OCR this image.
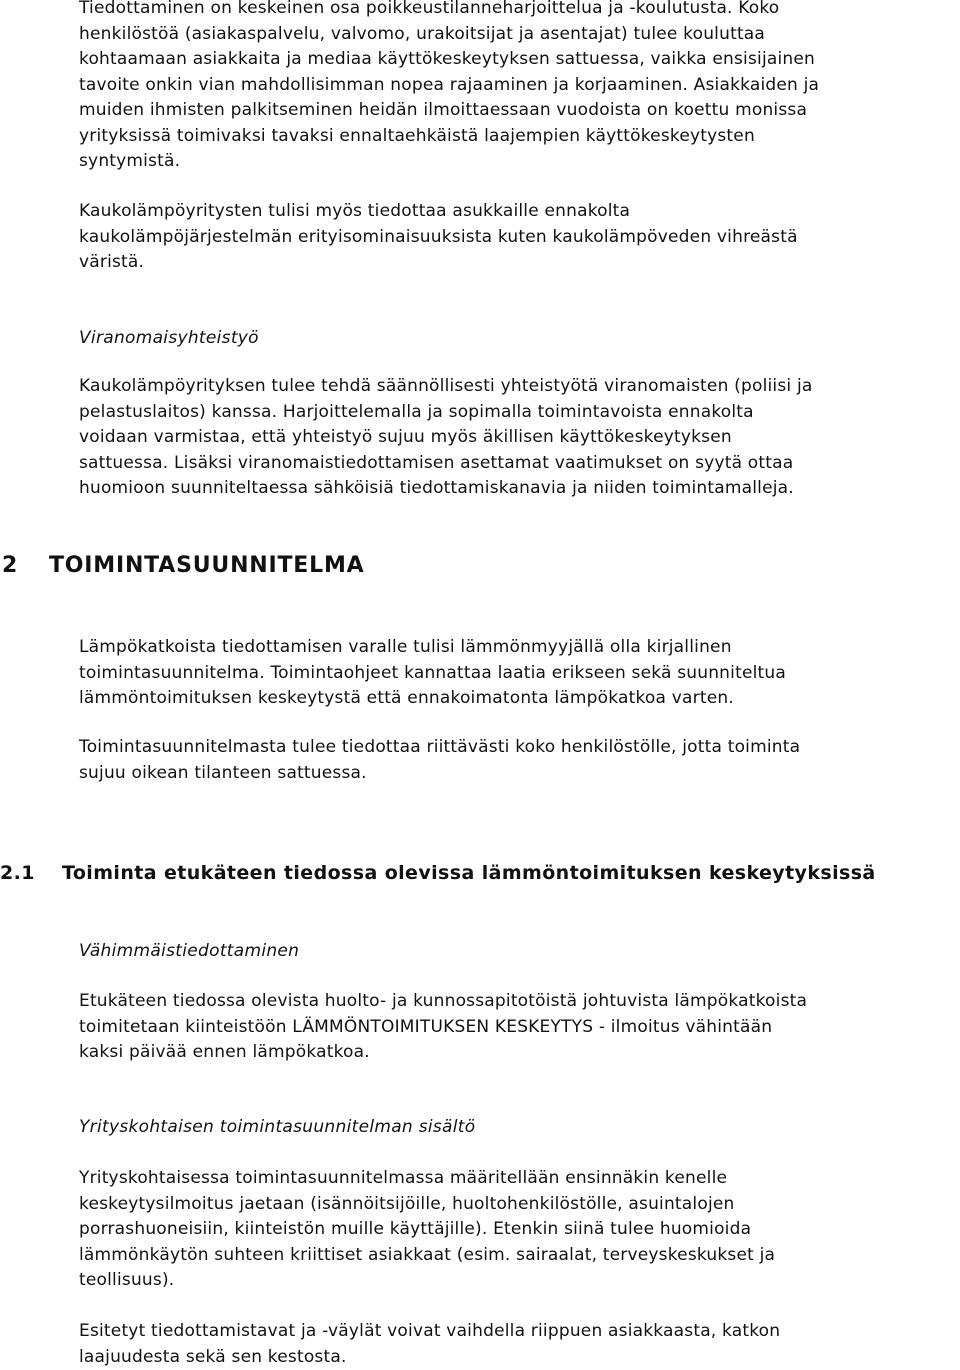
Tiedottaminen on keskeinen osa poikkeustilanneharjoittelua ja -koulutusta. Koko
henkilöstöä (asiakaspalvelu, valvomo, urakoitsijat ja asentajat) tulee kouluttaa
kohtaamaan asiakkaita ja mediaa käyttökeskeytyksen sattuessa, vaikka ensisijainen
tavoite onkin vian mahdollisimman nopea rajaaminen ja korjaaminen. Asiakkaiden ja
muiden ihmisten palkitseminen heidän ilmoittaessaan vuodoista on koettu monissa
yrityksissä toimivaksi tavaksi ennaltaehkäistä laajempien käyttökeskeytysten
syntymistä.
Kaukolämpöyritysten tulisi myös tiedottaa asukkaille ennakolta
kaukolämpöjärjestelmän erityisominaisuuksista kuten kaukolämpöveden vihreästä
väristä.
Viranomaisyhteistyö
Kaukolämpöyrityksen tulee tehdä säännöllisesti yhteistyötä viranomaisten (poliisi ja
pelastuslaitos) kanssa. Harjoittelemalla ja sopimalla toimintavoista ennakolta
voidaan varmistaa, että yhteistyö sujuu myös äkillisen käyttökeskeytyksen
sattuessa. Lisäksi viranomaistiedottamisen asettamat vaatimukset on syytä ottaa
huomioon suunniteltaessa sähköisiä tiedottamiskanavia ja niiden toimintamalleja.
2 TOIMINTASUUNNITELMA
Lämpökatkoista tiedottamisen varalle tulisi lämmönmyyjällä olla kirjallinen
toimintasuunnitelma. Toimintaohjeet kannattaa laatia erikseen sekä suunniteltua
lämmöntoimituksen keskeytystä että ennakoimatonta lämpökatkoa varten.
Toimintasuunnitelmasta tulee tiedottaa riittävästi koko henkilöstölle, jotta toiminta
sujuu oikean tilanteen sattuessa.
2.1 Toiminta etukäteen tiedossa olevissa lämmöntoimituksen keskeytyksissä
Vähimmäistiedottaminen
Etukäteen tiedossa olevista huolto- ja kunnossapitotöistä johtuvista lämpökatkoista
toimitetaan kiinteistöön LÄMMÖNTOIMITUKSEN KESKEYTYS - ilmoitus vähintään
kaksi päivää ennen lämpökatkoa.
Yrityskohtaisen toimintasuunnitelman sisältö
Yrityskohtaisessa toimintasuunnitelmassa määritellään ensinnäkin kenelle
keskeytysilmoitus jaetaan (isännöitsijöille, huoltohenkilöstölle, asuintalojen
porrashuoneisiin, kiinteistön muille käyttäjille). Etenkin siinä tulee huomioida
lämmönkäytön suhteen kriittiset asiakkaat (esim. sairaalat, terveyskeskukset ja
teollisuus).
Esitetyt tiedottamistavat ja -väylät voivat vaihdella riippuen asiakkaasta, katkon
laajuudesta sekä sen kestosta.
